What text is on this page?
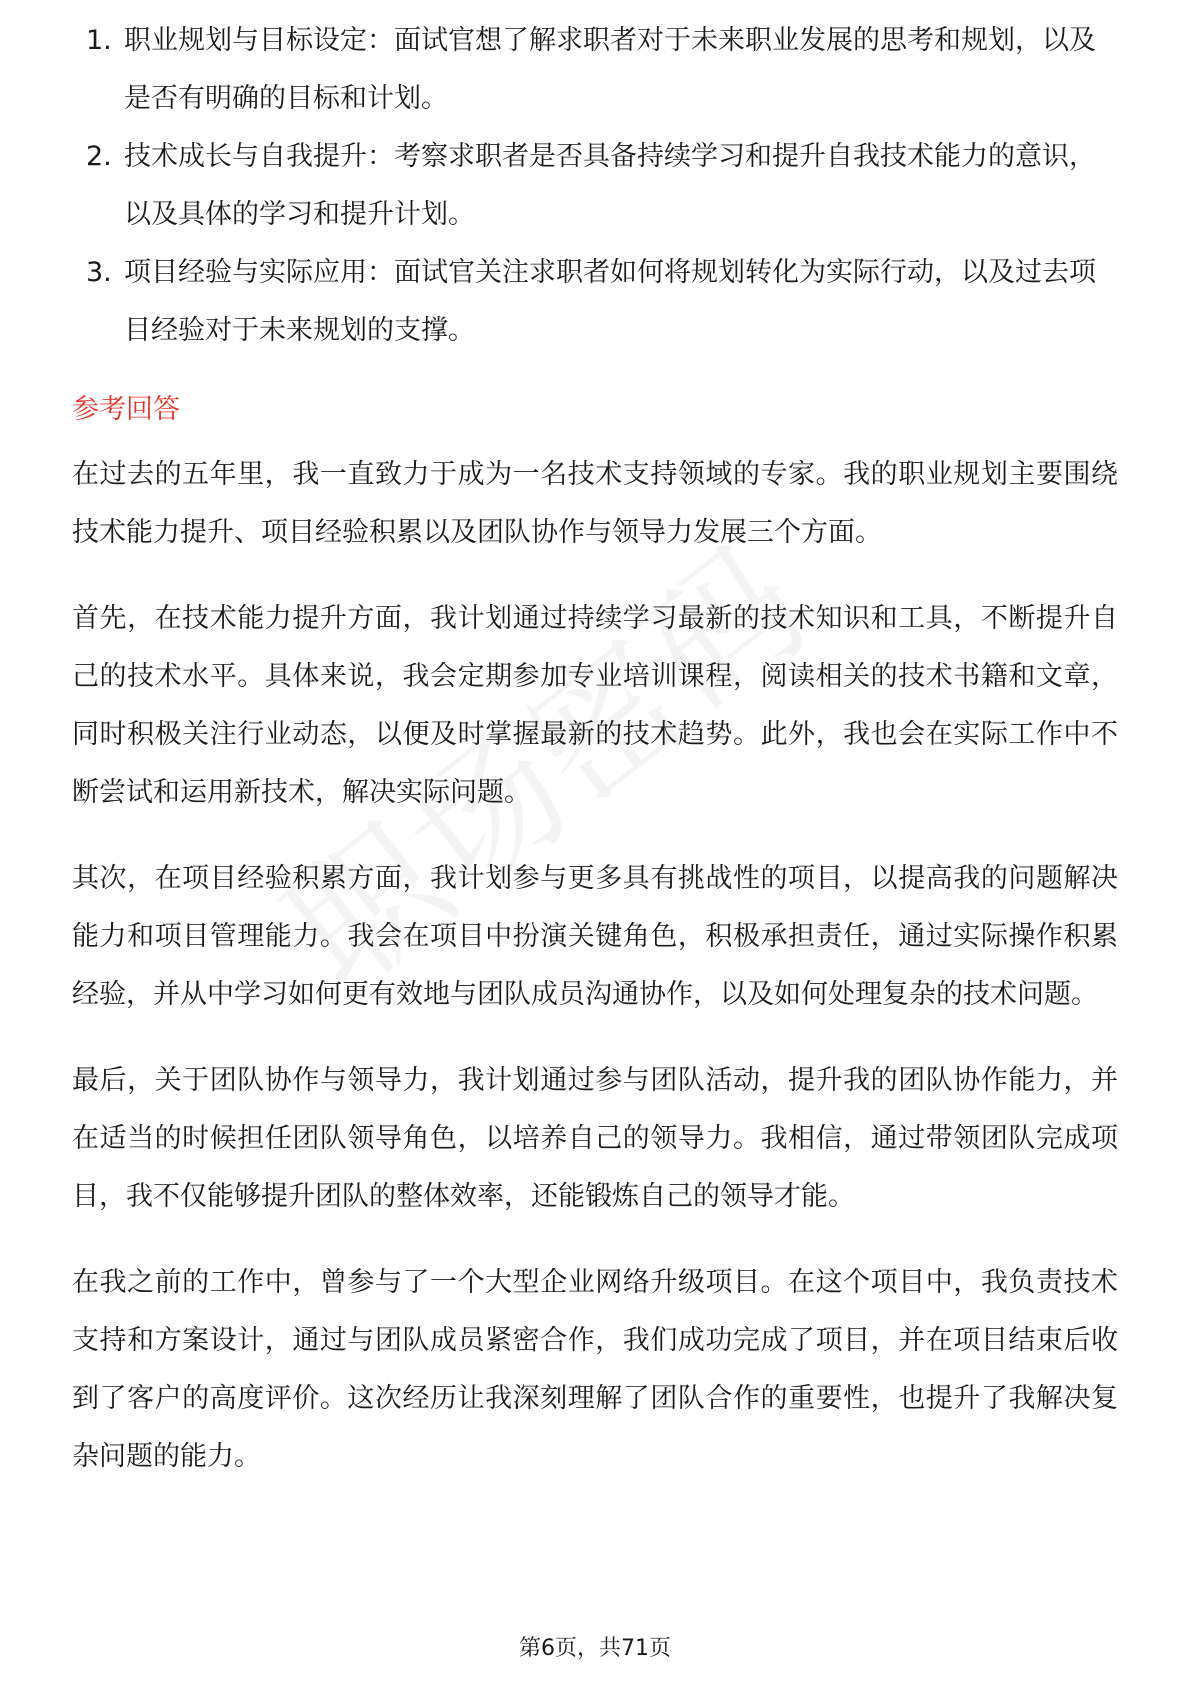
1. 职业规划与目标设定：面试官想了解求职者对于未来职业发展的思考和规划，以及是否有明确的目标和计划。
2. 技术成长与自我提升：考察求职者是否具备持续学习和提升自我技术能力的意识，以及具体的学习和提升计划。
3. 项目经验与实际应用：面试官关注求职者如何将规划转化为实际行动，以及过去项目经验对于未来规划的支撑。
参考回答

在过去的五年里，我一直致力于成为一名技术支持领域的专家。我的职业规划主要围绕技术能力提升、项目经验积累以及团队协作与领导力发展三个方面。

首先，在技术能力提升方面，我计划通过持续学习最新的技术知识和工具，不断提升自己的技术水平。具体来说，我会定期参加专业培训课程，阅读相关的技术书籍和文章，同时积极关注行业动态，以便及时掌握最新的技术趋势。此外，我也会在实际工作中不断尝试和运用新技术，解决实际问题。

其次，在项目经验积累方面，我计划参与更多具有挑战性的项目，以提高我的问题解决能力和项目管理能力。我会在项目中扮演关键角色，积极承担责任，通过实际操作积累经验，并从中学习如何更有效地与团队成员沟通协作，以及如何处理复杂的技术问题。

最后，关于团队协作与领导力，我计划通过参与团队活动，提升我的团队协作能力，并在适当的时候担任团队领导角色，以培养自己的领导力。我相信，通过带领团队完成项目，我不仅能够提升团队的整体效率，还能锻炼自己的领导才能。

在我之前的工作中，曾参与了一个大型企业网络升级项目。在这个项目中，我负责技术支持和方案设计，通过与团队成员紧密合作，我们成功完成了项目，并在项目结束后收到了客户的高度评价。这次经历让我深刻理解了团队合作的重要性，也提升了我解决复杂问题的能力。

第6页，共71页
